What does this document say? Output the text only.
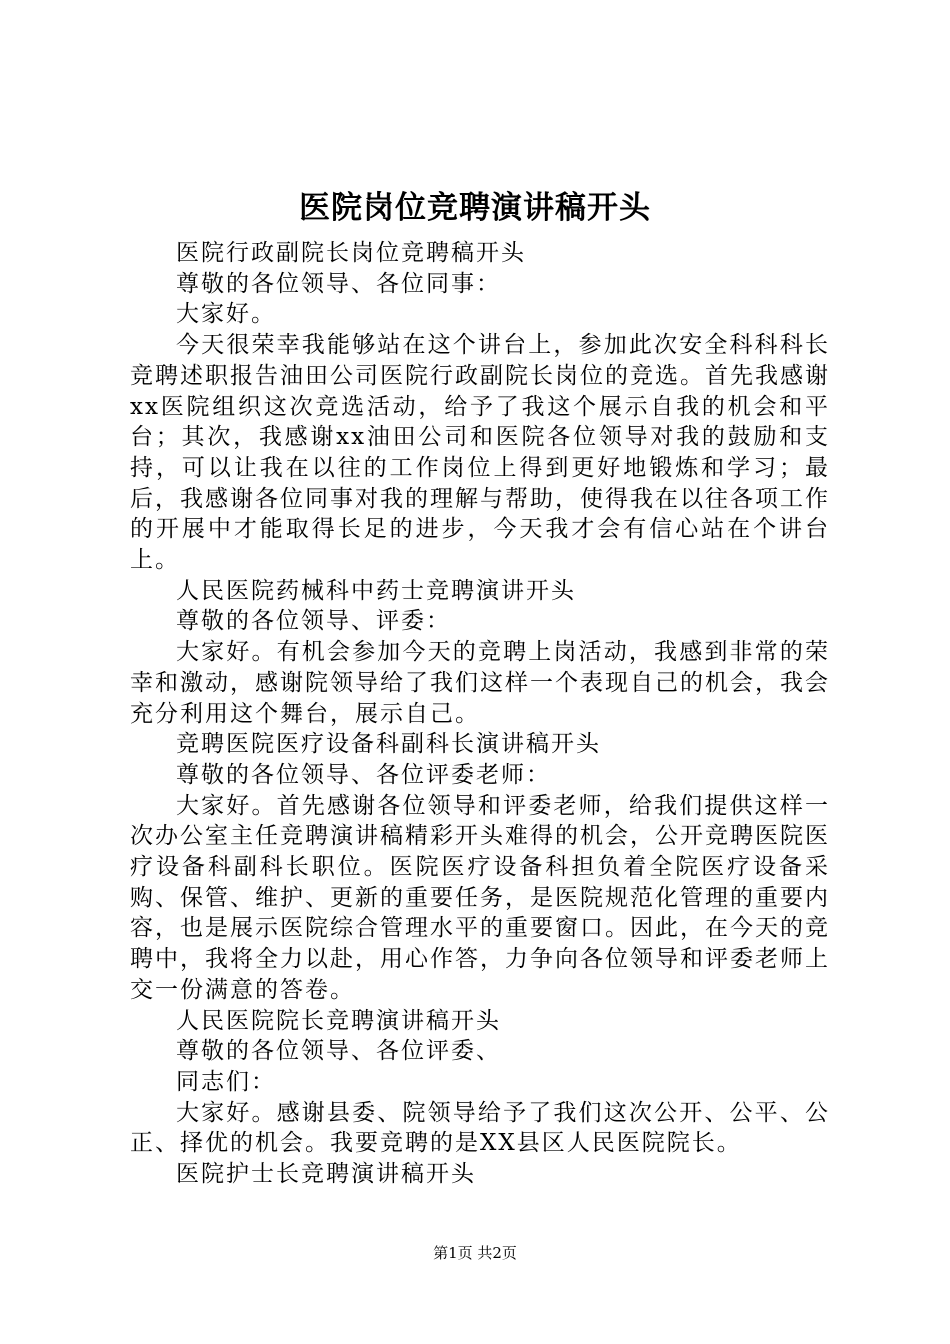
医院岗位竞聘演讲稿开头

医院行政副院长岗位竞聘稿开头

尊敬的各位领导、各位同事：

大家好。

今天很荣幸我能够站在这个讲台上，参加此次安全科科科长竞聘述职报告油田公司医院行政副院长岗位的竞选。首先我感谢xx医院组织这次竞选活动，给予了我这个展示自我的机会和平台；其次，我感谢xx油田公司和医院各位领导对我的鼓励和支持，可以让我在以往的工作岗位上得到更好地锻炼和学习；最后，我感谢各位同事对我的理解与帮助，使得我在以往各项工作的开展中才能取得长足的进步，今天我才会有信心站在个讲台上。

人民医院药械科中药士竞聘演讲开头

尊敬的各位领导、评委：

大家好。有机会参加今天的竞聘上岗活动，我感到非常的荣幸和激动，感谢院领导给了我们这样一个表现自己的机会，我会充分利用这个舞台，展示自己。

竞聘医院医疗设备科副科长演讲稿开头

尊敬的各位领导、各位评委老师：

大家好。首先感谢各位领导和评委老师，给我们提供这样一次办公室主任竞聘演讲稿精彩开头难得的机会，公开竞聘医院医疗设备科副科长职位。医院医疗设备科担负着全院医疗设备采购、保管、维护、更新的重要任务，是医院规范化管理的重要内容，也是展示医院综合管理水平的重要窗口。因此，在今天的竞聘中，我将全力以赴，用心作答，力争向各位领导和评委老师上交一份满意的答卷。

人民医院院长竞聘演讲稿开头

尊敬的各位领导、各位评委、

同志们：

大家好。感谢县委、院领导给予了我们这次公开、公平、公正、择优的机会。我要竞聘的是XX县区人民医院院长。

医院护士长竞聘演讲稿开头

第1页 共2页
